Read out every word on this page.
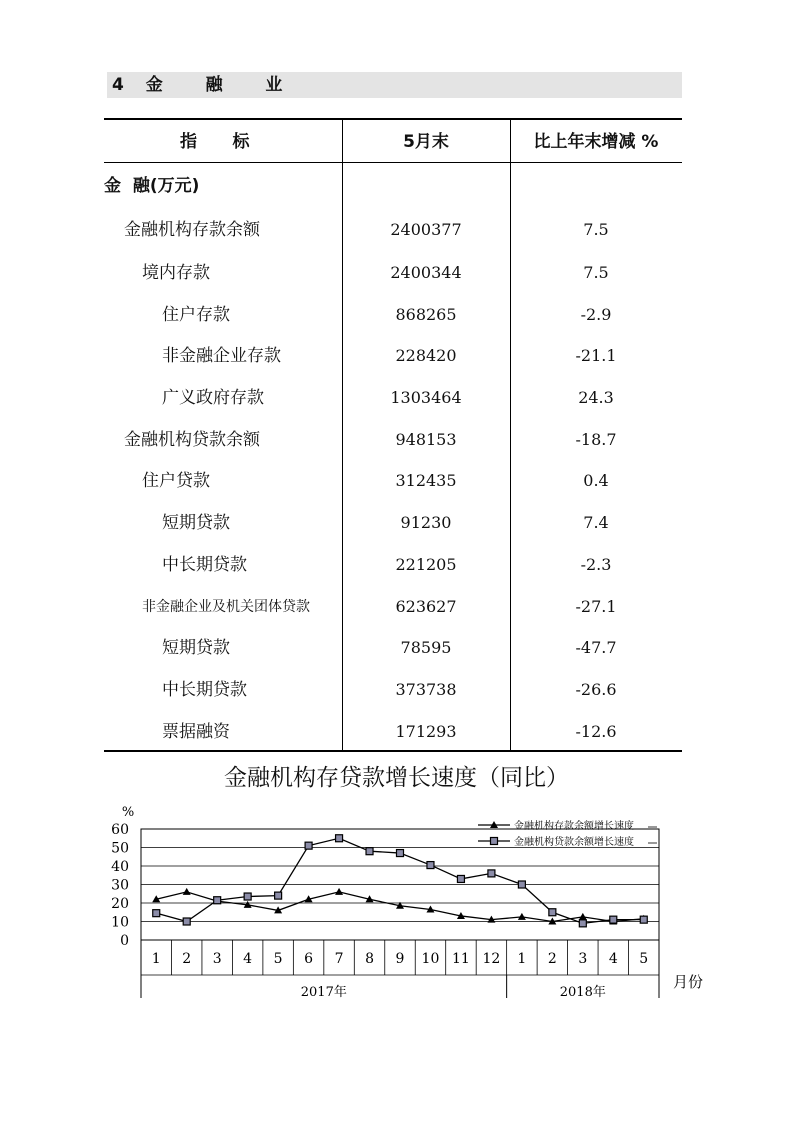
4 金  融  业
指      标	5月末	比上年末增减 %
金  融(万元)
金融机构存款余额	2400377	7.5
境内存款	2400344	7.5
住户存款	868265	-2.9
非金融企业存款	228420	-21.1
广义政府存款	1303464	24.3
金融机构贷款余额	948153	-18.7
住户贷款	312435	0.4
短期贷款	91230	7.4
中长期贷款	221205	-2.3
非金融企业及机关团体贷款	623627	-27.1
短期贷款	78595	-47.7
中长期贷款	373738	-26.6
票据融资	171293	-12.6
金融机构存贷款增长速度（同比）
0
10
20
30
40
50
60
%
1 2 3 4 5 6 7 8 9 10 11 12 1 2 3 4 5
2017年	2018年
月份
金融机构存款余额增长速度
金融机构贷款余额增长速度
